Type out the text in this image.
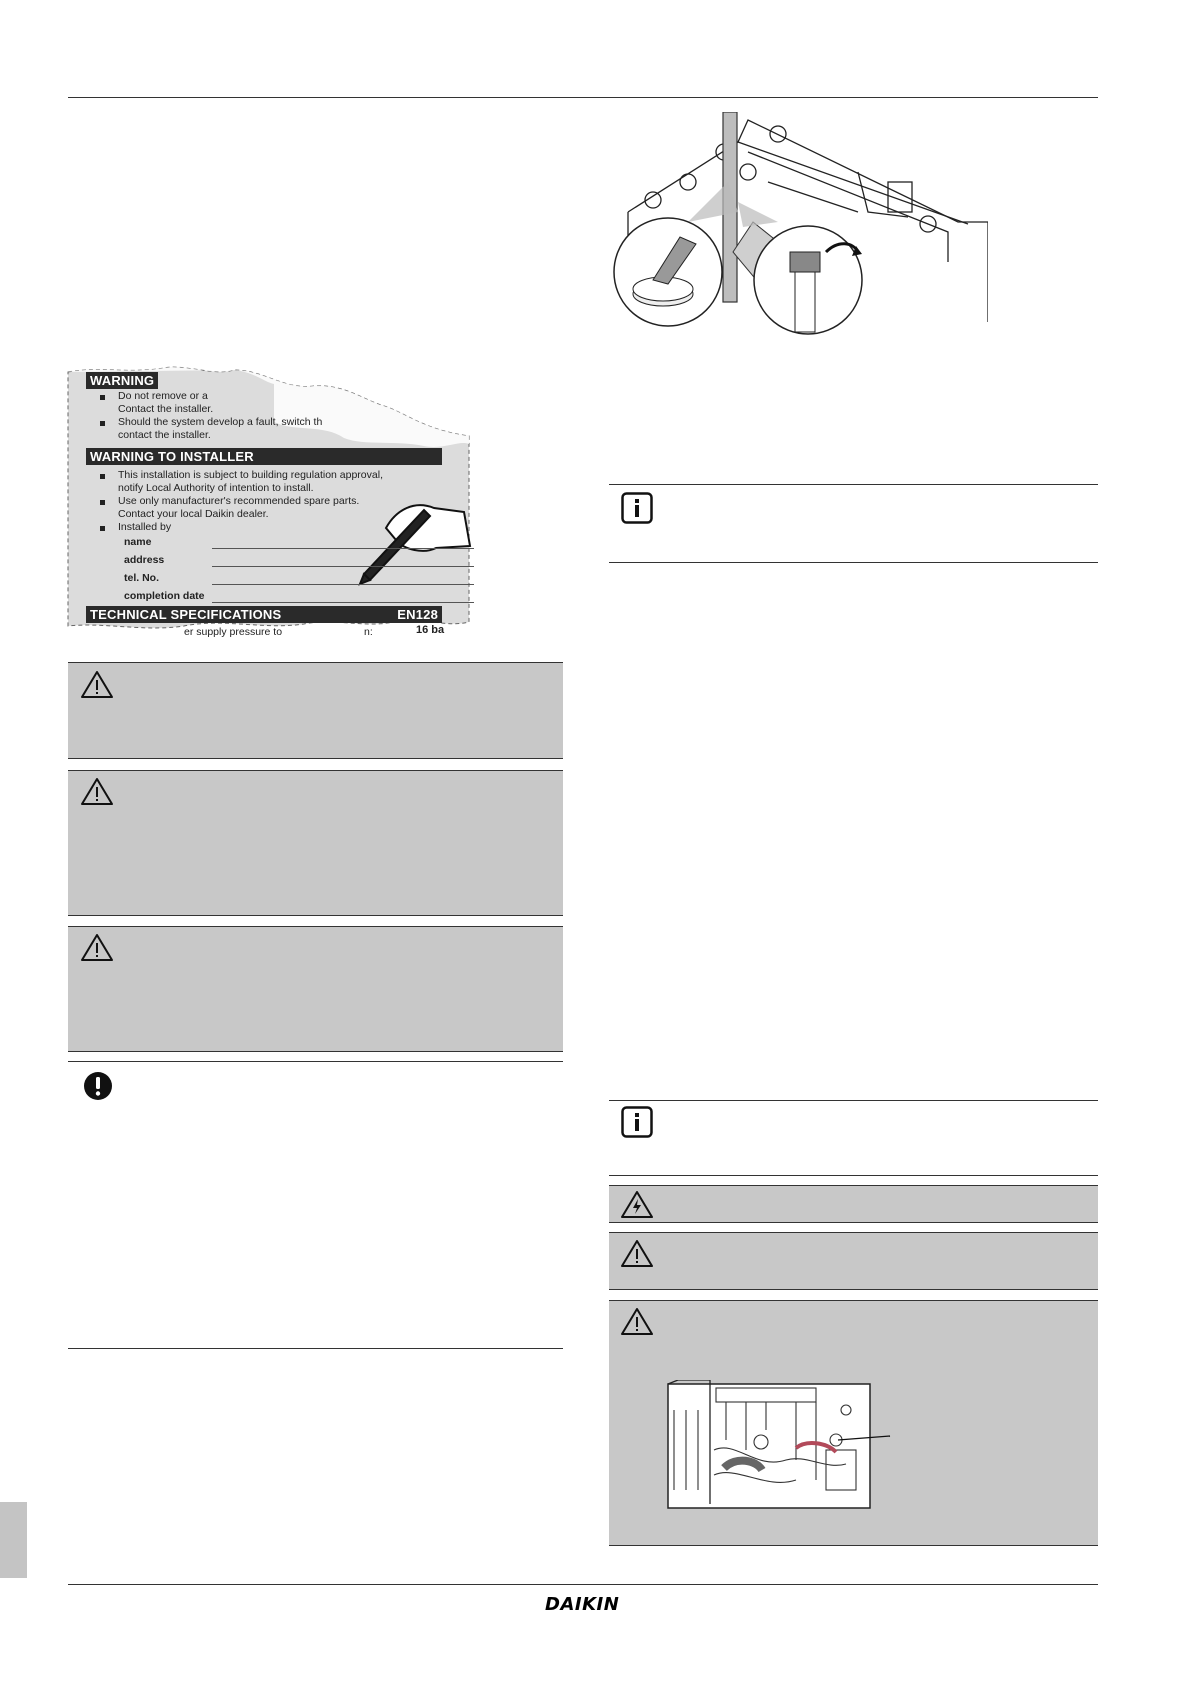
WARNING
Do not remove or a
Contact the installer.
Should the system develop a fault, switch th
contact the installer.
WARNING TO INSTALLER
This installation is subject to building regulation approval,
notify Local Authority of intention to install.
Use only manufacturer's recommended spare parts.
Contact your local Daikin dealer.
Installed by
name
address
tel. No.
completion date
TECHNICAL SPECIFICATIONS	EN128
er supply pressure to	n:	16 ba
DAIKIN
